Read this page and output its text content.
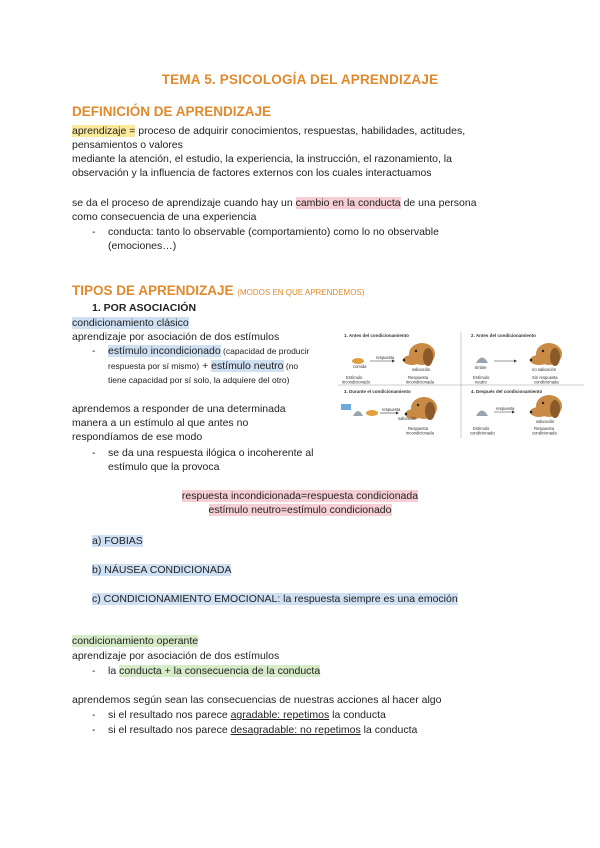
TEMA 5. PSICOLOGÍA DEL APRENDIZAJE
DEFINICIÓN DE APRENDIZAJE
aprendizaje = proceso de adquirir conocimientos, respuestas, habilidades, actitudes,
pensamientos o valores
mediante la atención, el estudio, la experiencia, la instrucción, el razonamiento, la
observación y la influencia de factores externos con los cuales interactuamos
se da el proceso de aprendizaje cuando hay un cambio en la conducta de una persona
como consecuencia de una experiencia
- conducta: tanto lo observable (comportamiento) como lo no observable
(emociones…)
TIPOS DE APRENDIZAJE (MODOS EN QUE APRENDEMOS)
1. POR ASOCIACIÓN
condicionamiento clásico
aprendizaje por asociación de dos estímulos
- estímulo incondicionado (capacidad de producir
respuesta por sí mismo) + estímulo neutro (no
tiene capacidad por sí solo, la adquiere del otro)
aprendemos a responder de una determinada
manera a un estímulo al que antes no
respondíamos de ese modo
- se da una respuesta ilógica o incoherente al
estímulo que la provoca
1. Antes del condicionamiento
comida
respuesta
salivación
Estímulo
incondicionado
Respuesta
incondicionada
2. Antes del condicionamiento
timbre	no salivación
Estímulo
neutro
Sin respuesta
condicionada
3. Durante el condicionamiento
respuesta
salivación
Respuesta
incondicionada
4. Después del condicionamiento
respuesta
salivación
Estímulo
condicionado
Respuesta
condicionada
respuesta incondicionada=respuesta condicionada
estímulo neutro=estímulo condicionado
a) FOBIAS
b) NÁUSEA CONDICIONADA
c) CONDICIONAMIENTO EMOCIONAL: la respuesta siempre es una emoción
condicionamiento operante
aprendizaje por asociación de dos estímulos
- la conducta + la consecuencia de la conducta
aprendemos según sean las consecuencias de nuestras acciones al hacer algo
- si el resultado nos parece agradable: repetimos la conducta
- si el resultado nos parece desagradable: no repetimos la conducta
